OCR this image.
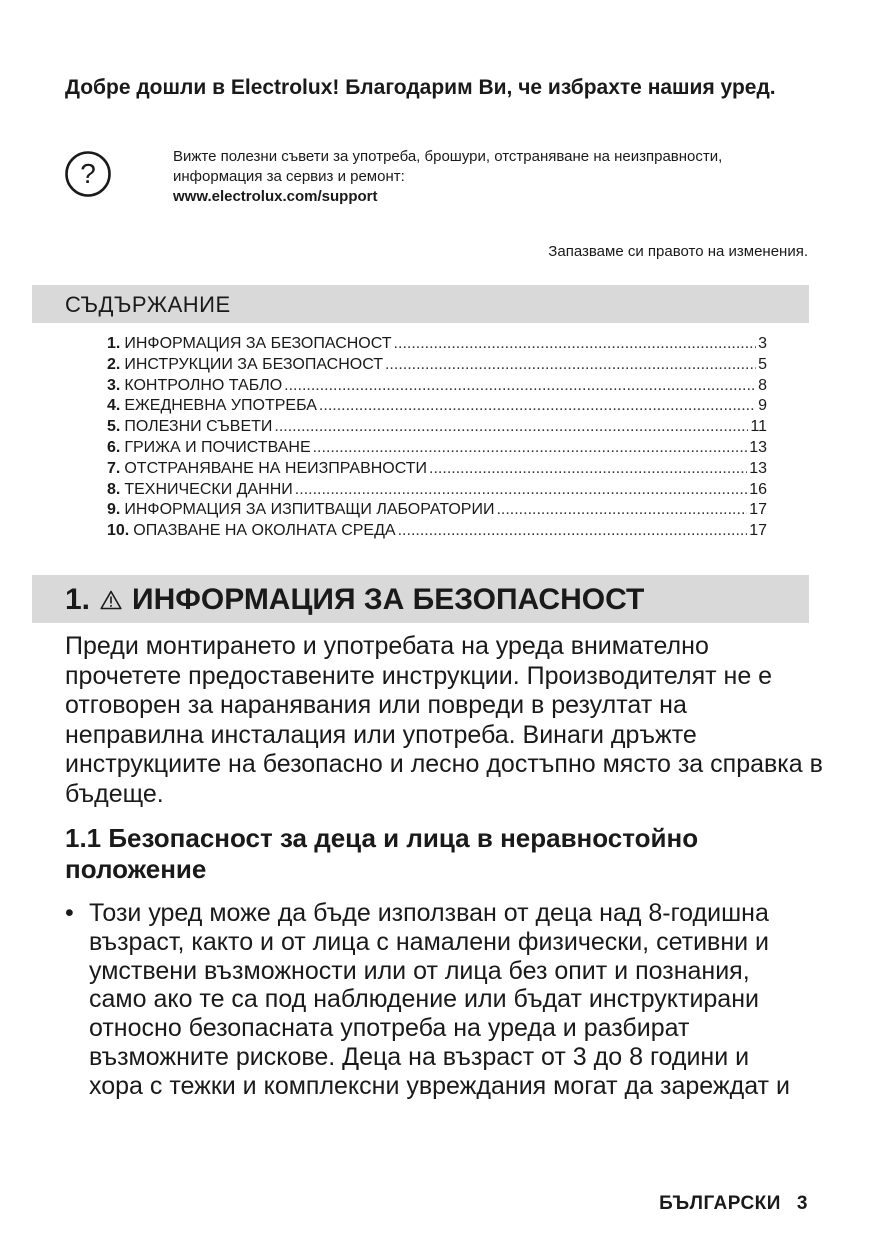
Добре дошли в Electrolux! Благодарим Ви, че избрахте нашия уред.
?
Вижте полезни съвети за употреба, брошури, отстраняване на неизправности,
информация за сервиз и ремонт:
www.electrolux.com/support
Запазваме си правото на изменения.
СЪДЪРЖАНИЕ
1. ИНФОРМАЦИЯ ЗА БЕЗОПАСНОСТ .....	3
2. ИНСТРУКЦИИ ЗА БЕЗОПАСНОСТ .....	5
3. КОНТРОЛНО ТАБЛО .....	8
4. ЕЖЕДНЕВНА УПОТРЕБА .....	9
5. ПОЛЕЗНИ СЪВЕТИ .....	11
6. ГРИЖА И ПОЧИСТВАНЕ .....	13
7. ОТСТРАНЯВАНЕ НА НЕИЗПРАВНОСТИ .....	13
8. ТЕХНИЧЕСКИ ДАННИ .....	16
9. ИНФОРМАЦИЯ ЗА ИЗПИТВАЩИ ЛАБОРАТОРИИ .....	17
10. ОПАЗВАНЕ НА ОКОЛНАТА СРЕДА .....	17
1. ИНФОРМАЦИЯ ЗА БЕЗОПАСНОСТ

Преди монтирането и употребата на уреда внимателно прочетете предоставените инструкции. Производителят не е отговорен за наранявания или повреди в резултат на неправилна инсталация или употреба. Винаги дръжте инструкциите на безопасно и лесно достъпно място за справка в бъдеще.

1.1 Безопасност за деца и лица в неравностойно положение
• Този уред може да бъде използван от деца над 8-годишна възраст, както и от лица с намалени физически, сетивни и умствени възможности или от лица без опит и познания, само ако те са под наблюдение или бъдат инструктирани относно безопасната употреба на уреда и разбират възможните рискове. Деца на възраст от 3 до 8 години и хора с тежки и комплексни увреждания могат да зареждат и
БЪЛГАРСКИ 3
